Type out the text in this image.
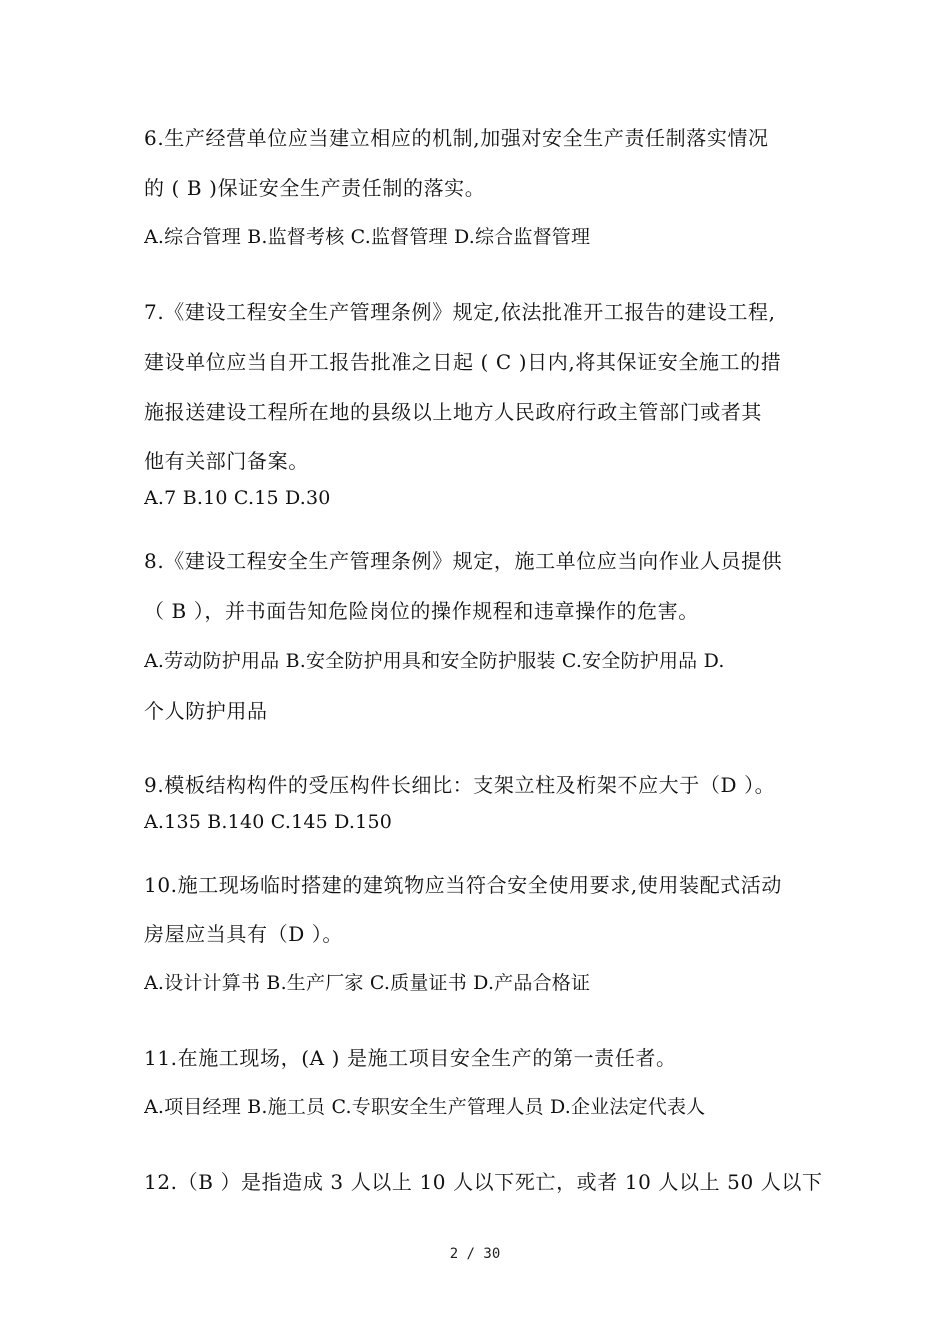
6.生产经营单位应当建立相应的机制,加强对安全生产责任制落实情况
的 ( B )保证安全生产责任制的落实。
A.综合管理 B.监督考核 C.监督管理 D.综合监督管理
7.《建设工程安全生产管理条例》规定,依法批准开工报告的建设工程,
建设单位应当自开工报告批准之日起 ( C )日内,将其保证安全施工的措
施报送建设工程所在地的县级以上地方人民政府行政主管部门或者其
他有关部门备案。
A.7 B.10 C.15 D.30
8.《建设工程安全生产管理条例》规定，施工单位应当向作业人员提供
（ B ），并书面告知危险岗位的操作规程和违章操作的危害。
A.劳动防护用品 B.安全防护用具和安全防护服装 C.安全防护用品 D.
个人防护用品
9.模板结构构件的受压构件长细比：支架立柱及桁架不应大于（D ）。
A.135 B.140 C.145 D.150
10.施工现场临时搭建的建筑物应当符合安全使用要求,使用装配式活动
房屋应当具有（D ）。
A.设计计算书 B.生产厂家 C.质量证书 D.产品合格证
11.在施工现场，(A ) 是施工项目安全生产的第一责任者。
A.项目经理 B.施工员 C.专职安全生产管理人员 D.企业法定代表人
12.（B ）是指造成 3 人以上 10 人以下死亡，或者 10 人以上 50 人以下
2 / 30
